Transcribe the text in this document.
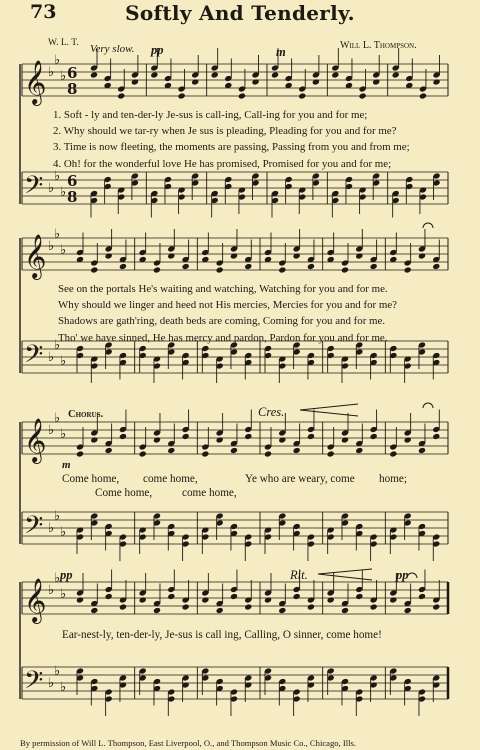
73	Softly And Tenderly.
W. L. T.	Will L. Thompson.
Very slow. pp	m
𝄞 ♭
♭
♭ 6
8
𝄢 ♭
♭
♭
6
8
𝄞 ♭
♭
♭
𝄢 ♭
♭
♭
𝄞 ♭
♭
♭
𝄢 ♭
♭
♭
𝄞 ♭
♭
♭
𝄢 ♭
♭
♭
1. Soft - ly and ten-der-ly Je-sus is call-ing, Call-ing for you and for me;
2. Why should we tar-ry when Je sus is pleading, Pleading for you and for me?
3. Time is now fleeting, the moments are passing, Passing from you and from me;
4. Oh! for the wonderful love He has promised, Promised for you and for me;
See on the portals He's waiting and watching, Watching for you and for me.
Why should we linger and heed not His mercies, Mercies for you and for me?
Shadows are gath'ring, death beds are coming, Coming for you and for me.
Tho' we have sinned, He has mercy and pardon, Pardon for you and for me.
Chorus.	Cres.
m
Come home, come home,	Ye who are weary, come home;
Come home,	come home,
pp	Rit.	pp
Ear-nest-ly, ten-der-ly, Je-sus is call ing, Calling, O sinner, come home!
By permission of Will L. Thompson, East Liverpool, O., and Thompson Music Co., Chicago, Ills.
